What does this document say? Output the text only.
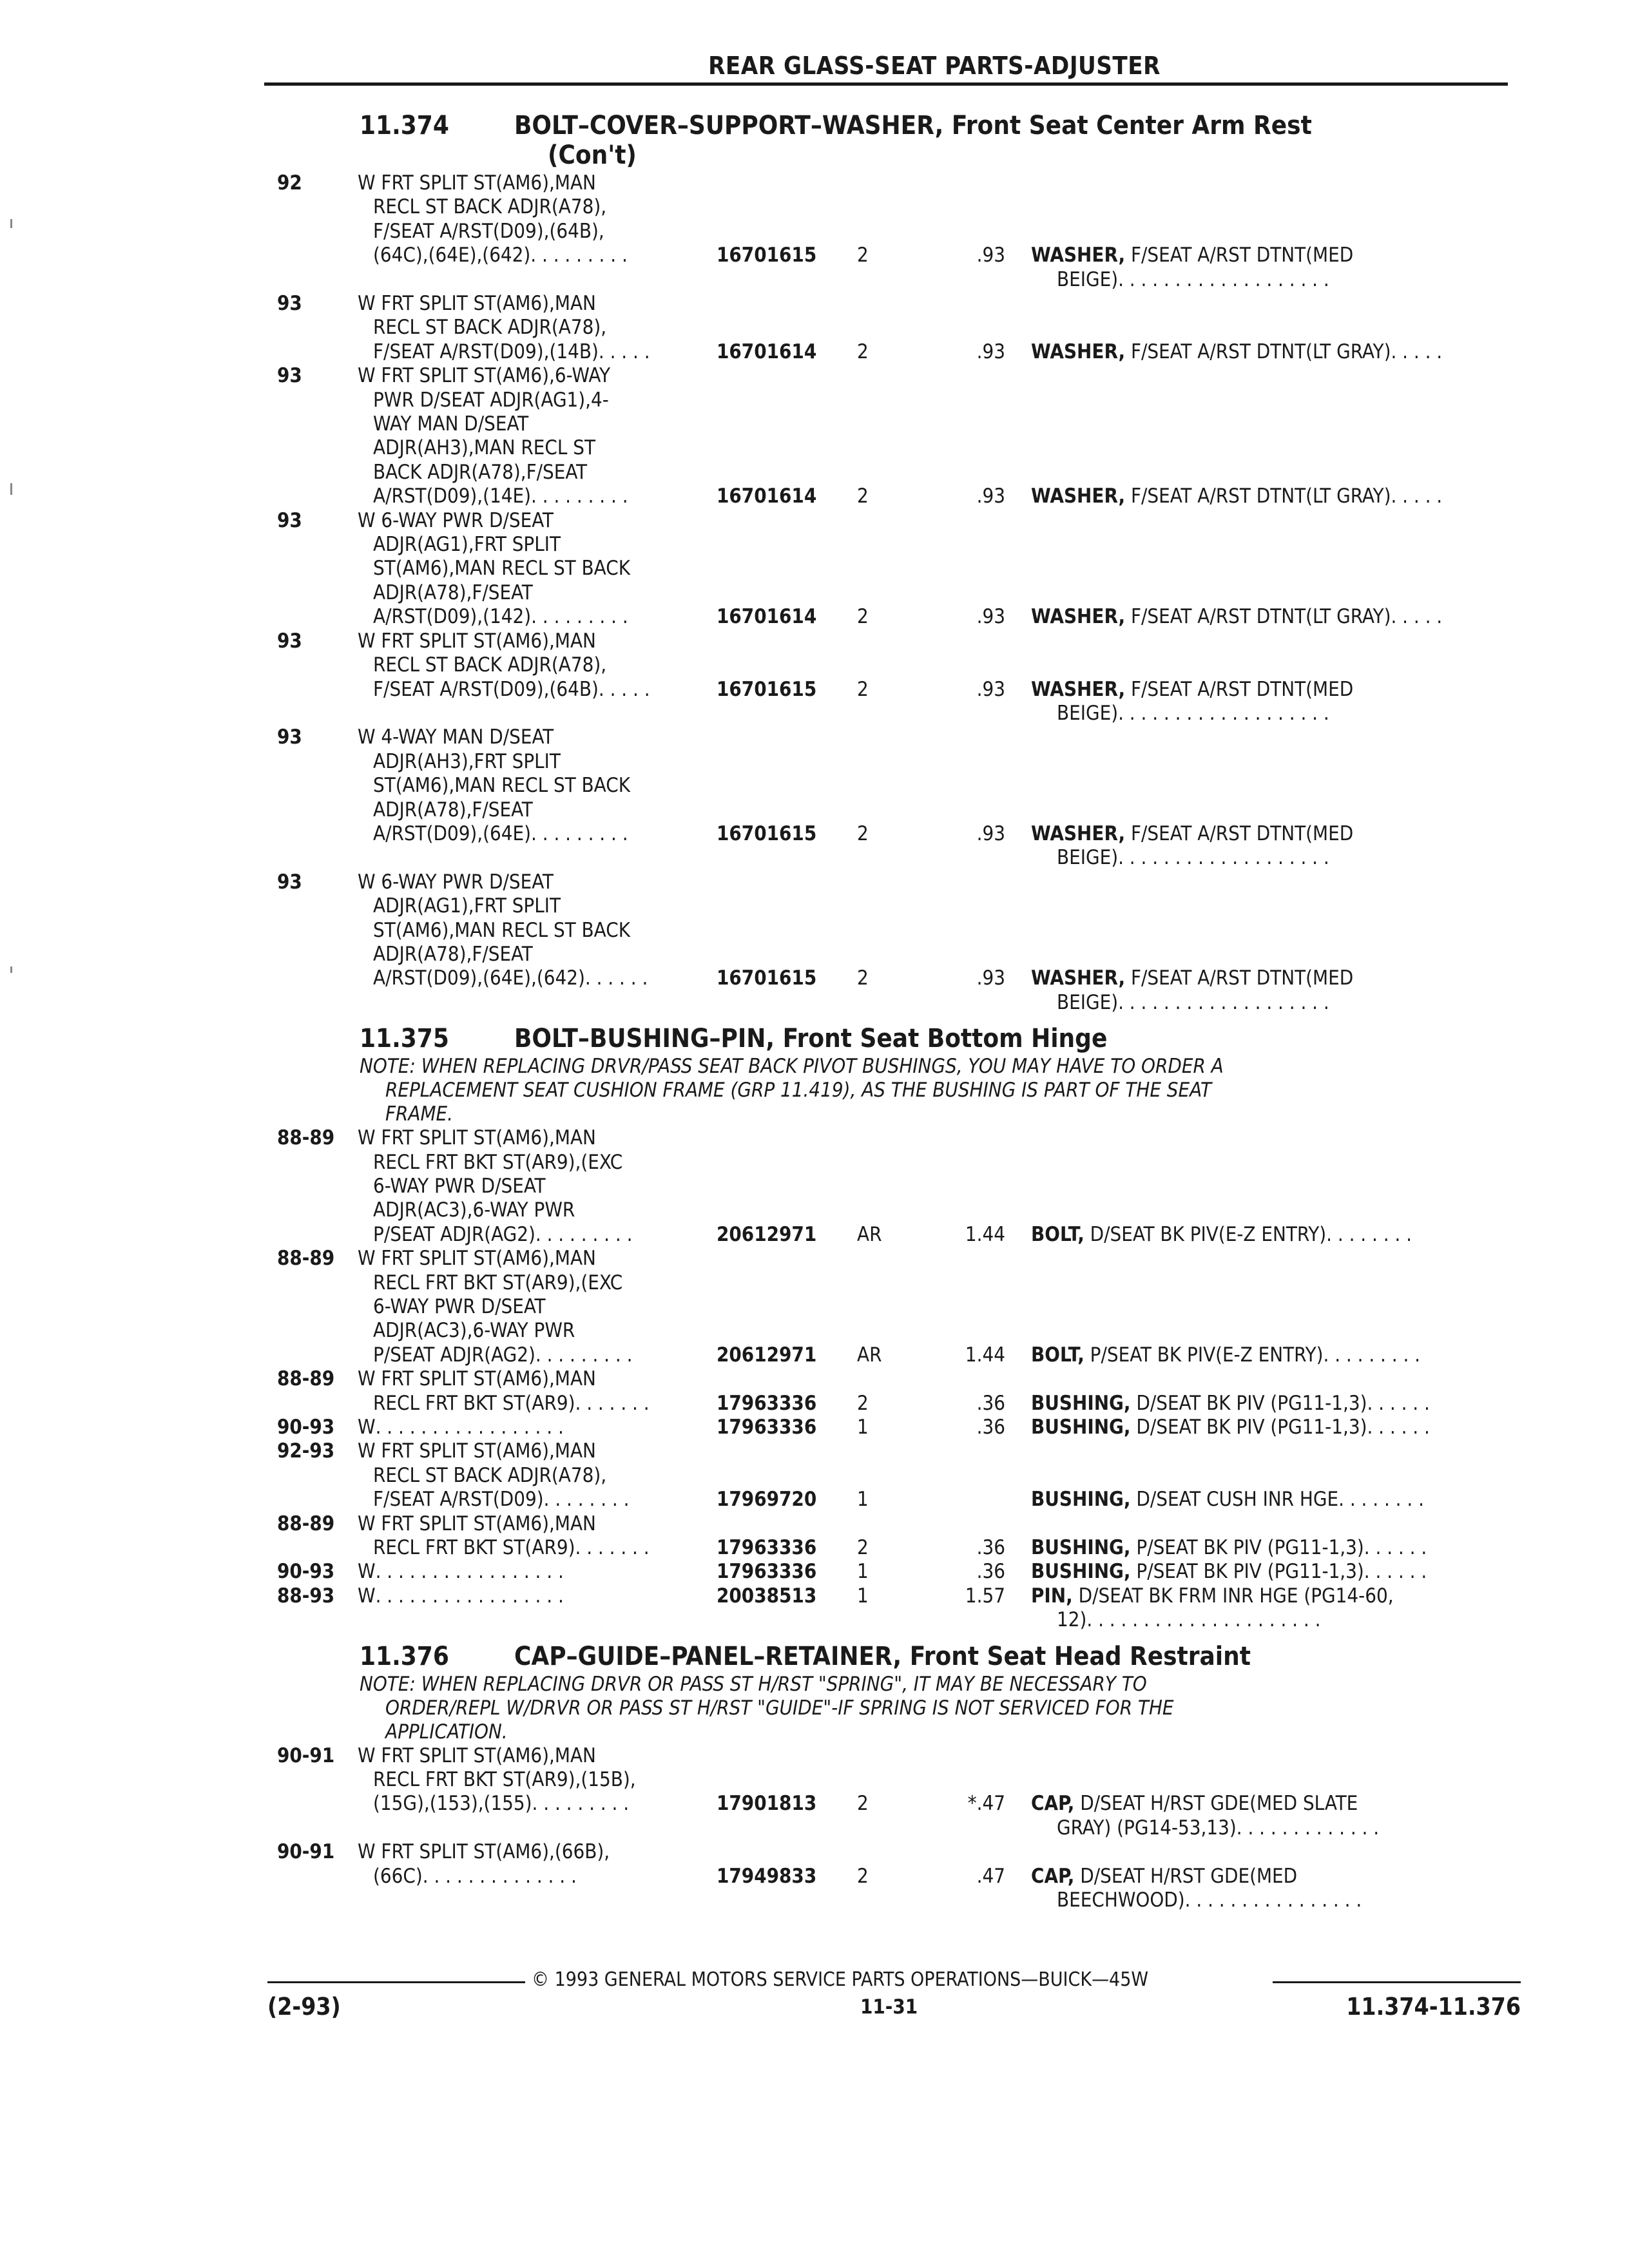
REAR GLASS-SEAT PARTS-ADJUSTER
11.374	BOLT–COVER–SUPPORT–WASHER, Front Seat Center Arm Rest
(Con't)
92	W FRT SPLIT ST(AM6),MAN
RECL ST BACK ADJR(A78),
F/SEAT A/RST(D09),(64B),
(64C),(64E),(642). . . . . . . . .	16701615 2	.93 WASHER, F/SEAT A/RST DTNT(MED
BEIGE). . . . . . . . . . . . . . . . . . .
93	W FRT SPLIT ST(AM6),MAN
RECL ST BACK ADJR(A78),
F/SEAT A/RST(D09),(14B). . . . .	16701614 2	.93 WASHER, F/SEAT A/RST DTNT(LT GRAY). . . . .
93	W FRT SPLIT ST(AM6),6-WAY
PWR D/SEAT ADJR(AG1),4-
WAY MAN D/SEAT
ADJR(AH3),MAN RECL ST
BACK ADJR(A78),F/SEAT
A/RST(D09),(14E). . . . . . . . .	16701614 2	.93 WASHER, F/SEAT A/RST DTNT(LT GRAY). . . . .
93	W 6-WAY PWR D/SEAT
ADJR(AG1),FRT SPLIT
ST(AM6),MAN RECL ST BACK
ADJR(A78),F/SEAT
A/RST(D09),(142). . . . . . . . .	16701614 2	.93 WASHER, F/SEAT A/RST DTNT(LT GRAY). . . . .
93	W FRT SPLIT ST(AM6),MAN
RECL ST BACK ADJR(A78),
F/SEAT A/RST(D09),(64B). . . . .	16701615 2	.93 WASHER, F/SEAT A/RST DTNT(MED
BEIGE). . . . . . . . . . . . . . . . . . .
93	W 4-WAY MAN D/SEAT
ADJR(AH3),FRT SPLIT
ST(AM6),MAN RECL ST BACK
ADJR(A78),F/SEAT
A/RST(D09),(64E). . . . . . . . .	16701615 2	.93 WASHER, F/SEAT A/RST DTNT(MED
BEIGE). . . . . . . . . . . . . . . . . . .
93	W 6-WAY PWR D/SEAT
ADJR(AG1),FRT SPLIT
ST(AM6),MAN RECL ST BACK
ADJR(A78),F/SEAT
A/RST(D09),(64E),(642). . . . . .	16701615 2	.93 WASHER, F/SEAT A/RST DTNT(MED
BEIGE). . . . . . . . . . . . . . . . . . .
11.375	BOLT–BUSHING–PIN, Front Seat Bottom Hinge
NOTE: WHEN REPLACING DRVR/PASS SEAT BACK PIVOT BUSHINGS, YOU MAY HAVE TO ORDER A
REPLACEMENT SEAT CUSHION FRAME (GRP 11.419), AS THE BUSHING IS PART OF THE SEAT
FRAME.
88-89 W FRT SPLIT ST(AM6),MAN
RECL FRT BKT ST(AR9),(EXC
6-WAY PWR D/SEAT
ADJR(AC3),6-WAY PWR
P/SEAT ADJR(AG2). . . . . . . . .	20612971 AR	1.44 BOLT, D/SEAT BK PIV(E-Z ENTRY). . . . . . . .
88-89 W FRT SPLIT ST(AM6),MAN
RECL FRT BKT ST(AR9),(EXC
6-WAY PWR D/SEAT
ADJR(AC3),6-WAY PWR
P/SEAT ADJR(AG2). . . . . . . . .	20612971 AR	1.44 BOLT, P/SEAT BK PIV(E-Z ENTRY). . . . . . . . .
88-89 W FRT SPLIT ST(AM6),MAN
RECL FRT BKT ST(AR9). . . . . . .	17963336 2	.36 BUSHING, D/SEAT BK PIV (PG11-1,3). . . . . .
90-93 W. . . . . . . . . . . . . . . . .	17963336 1	.36 BUSHING, D/SEAT BK PIV (PG11-1,3). . . . . .
92-93 W FRT SPLIT ST(AM6),MAN
RECL ST BACK ADJR(A78),
F/SEAT A/RST(D09). . . . . . . .	17969720 1	BUSHING, D/SEAT CUSH INR HGE. . . . . . . .
88-89 W FRT SPLIT ST(AM6),MAN
RECL FRT BKT ST(AR9). . . . . . .	17963336 2	.36 BUSHING, P/SEAT BK PIV (PG11-1,3). . . . . .
90-93 W. . . . . . . . . . . . . . . . .	17963336 1	.36 BUSHING, P/SEAT BK PIV (PG11-1,3). . . . . .
88-93 W. . . . . . . . . . . . . . . . .	20038513 1	1.57 PIN, D/SEAT BK FRM INR HGE (PG14-60,
12). . . . . . . . . . . . . . . . . . . . .
11.376	CAP–GUIDE–PANEL–RETAINER, Front Seat Head Restraint
NOTE: WHEN REPLACING DRVR OR PASS ST H/RST "SPRING", IT MAY BE NECESSARY TO
ORDER/REPL W/DRVR OR PASS ST H/RST "GUIDE"-IF SPRING IS NOT SERVICED FOR THE
APPLICATION.
90-91 W FRT SPLIT ST(AM6),MAN
RECL FRT BKT ST(AR9),(15B),
(15G),(153),(155). . . . . . . . .	17901813 2	*.47 CAP, D/SEAT H/RST GDE(MED SLATE
GRAY) (PG14-53,13). . . . . . . . . . . . .
90-91 W FRT SPLIT ST(AM6),(66B),
(66C). . . . . . . . . . . . . .	17949833 2	.47 CAP, D/SEAT H/RST GDE(MED
BEECHWOOD). . . . . . . . . . . . . . . .
© 1993 GENERAL MOTORS SERVICE PARTS OPERATIONS—BUICK—45W
(2-93)	11-31	11.374-11.376
